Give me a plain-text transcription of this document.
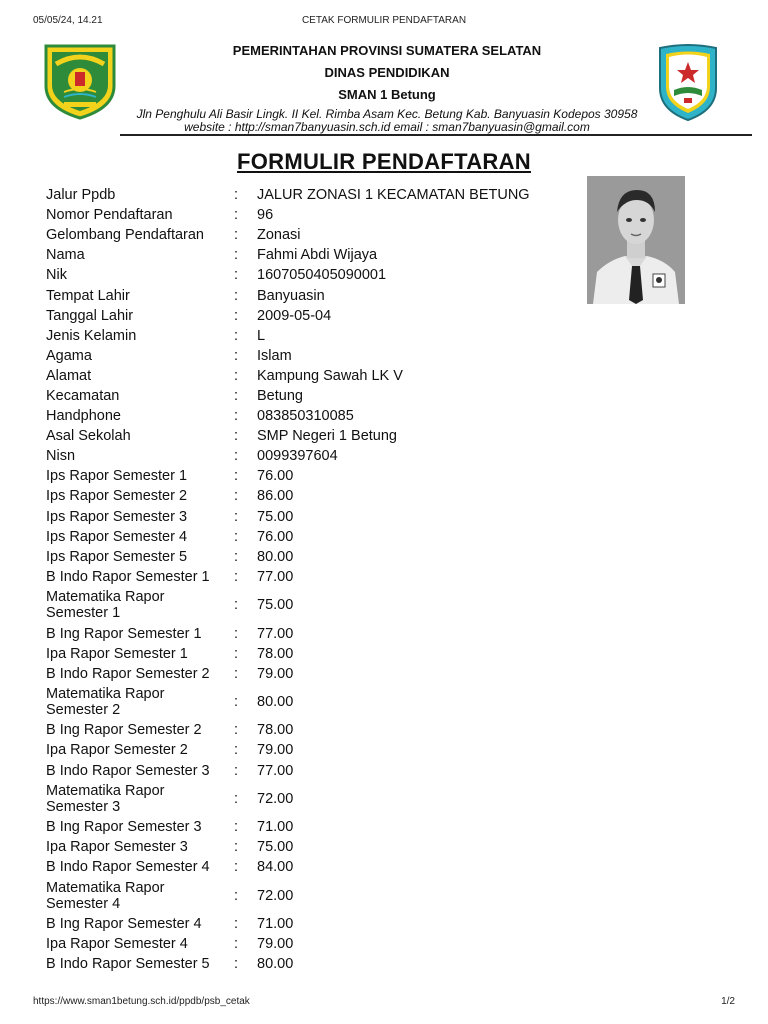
05/05/24, 14.21	CETAK FORMULIR PENDAFTARAN
PEMERINTAHAN PROVINSI SUMATERA SELATAN
DINAS PENDIDIKAN
SMAN 1 Betung
Jln Penghulu Ali Basir Lingk. II Kel. Rimba Asam Kec. Betung Kab. Banyuasin Kodepos 30958
website : http://sman7banyuasin.sch.id email : sman7banyuasin@gmail.com
FORMULIR PENDAFTARAN
Jalur Ppdb	:	JALUR ZONASI 1 KECAMATAN BETUNG
Nomor Pendaftaran	:	96
Gelombang Pendaftaran	:	Zonasi
Nama	:	Fahmi Abdi Wijaya
Nik	:	1607050405090001
Tempat Lahir	:	Banyuasin
Tanggal Lahir	:	2009-05-04
Jenis Kelamin	:	L
Agama	:	Islam
Alamat	:	Kampung Sawah LK V
Kecamatan	:	Betung
Handphone	:	083850310085
Asal Sekolah	:	SMP Negeri 1 Betung
Nisn	:	0099397604
Ips Rapor Semester 1	:	76.00
Ips Rapor Semester 2	:	86.00
Ips Rapor Semester 3	:	75.00
Ips Rapor Semester 4	:	76.00
Ips Rapor Semester 5	:	80.00
B Indo Rapor Semester 1	:	77.00
Matematika Rapor
Semester 1	:	75.00
B Ing Rapor Semester 1	:	77.00
Ipa Rapor Semester 1	:	78.00
B Indo Rapor Semester 2	:	79.00
Matematika Rapor
Semester 2	:	80.00
B Ing Rapor Semester 2	:	78.00
Ipa Rapor Semester 2	:	79.00
B Indo Rapor Semester 3	:	77.00
Matematika Rapor
Semester 3	:	72.00
B Ing Rapor Semester 3	:	71.00
Ipa Rapor Semester 3	:	75.00
B Indo Rapor Semester 4	:	84.00
Matematika Rapor
Semester 4	:	72.00
B Ing Rapor Semester 4	:	71.00
Ipa Rapor Semester 4	:	79.00
B Indo Rapor Semester 5	:	80.00
https://www.sman1betung.sch.id/ppdb/psb_cetak	1/2
